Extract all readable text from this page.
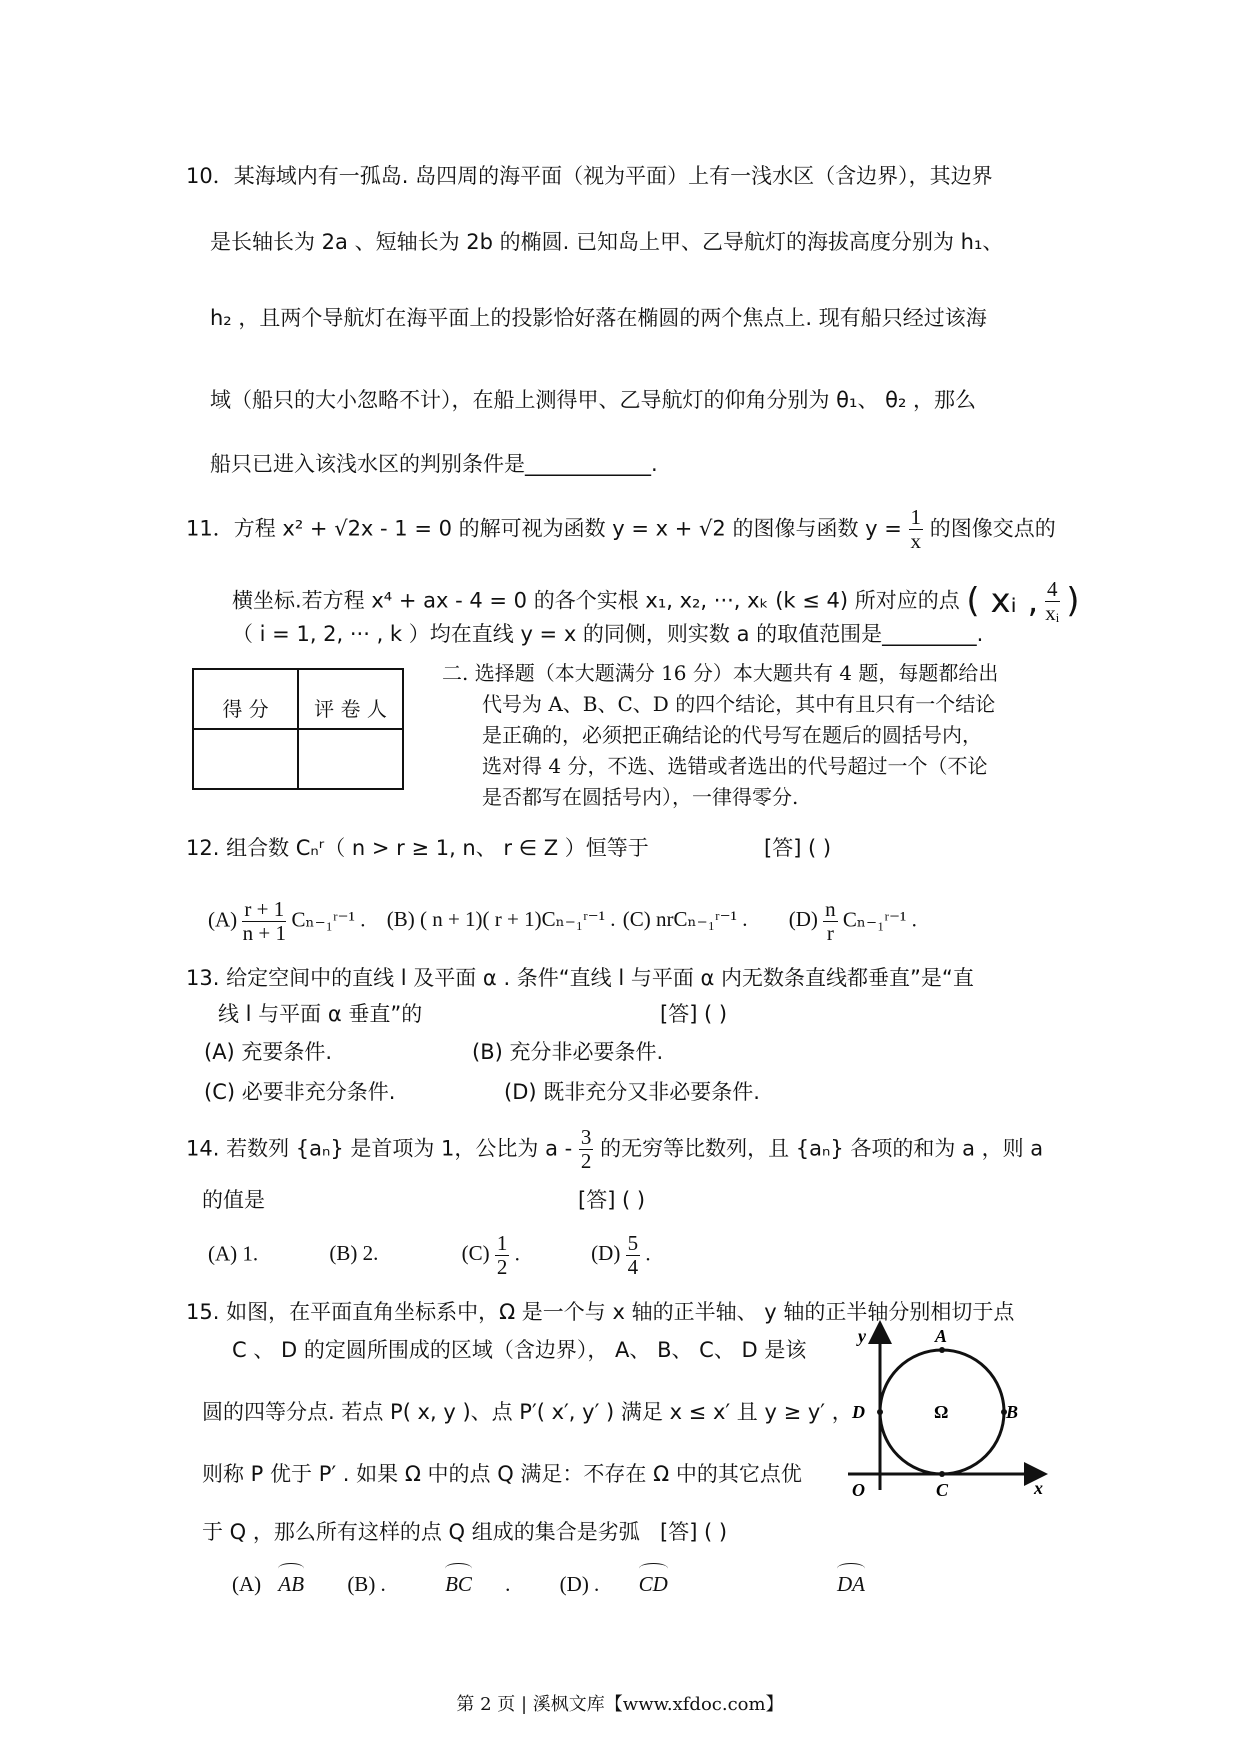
10．某海域内有一孤岛. 岛四周的海平面（视为平面）上有一浅水区（含边界），其边界
是长轴长为 2a 、短轴长为 2b 的椭圆. 已知岛上甲、乙导航灯的海拔高度分别为 h₁、
h₂ ，且两个导航灯在海平面上的投影恰好落在椭圆的两个焦点上. 现有船只经过该海
域（船只的大小忽略不计），在船上测得甲、乙导航灯的仰角分别为 θ₁、 θ₂ ，那么
船只已进入该浅水区的判别条件是____________.
11．方程 x² + √2x - 1 = 0 的解可视为函数 y = x + √2 的图像与函数 $y = \frac{1}{x}$ 的图像交点的
横坐标.若方程 x⁴ + ax - 4 = 0 的各个实根 x₁, x₂, ···, xₖ (k ≤ 4) 所对应的点 ( xᵢ , $\frac{4}{\text{xᵢ}}$ )
（ i = 1, 2, ··· , k ）均在直线 y = x 的同侧，则实数 a 的取值范围是_________.
得 分	评 卷 人

二. 选择题（本大题满分 16 分）本大题共有 4 题，每题都给出
代号为 A、B、C、D 的四个结论，其中有且只有一个结论
是正确的，必须把正确结论的代号写在题后的圆括号内，
选对得 4 分，不选、选错或者选出的代号超过一个（不论
是否都写在圆括号内），一律得零分.
12. 组合数 Cₙʳ（ n > r ≥ 1, n、 r ∈ Z ）恒等于	[答] ( )
$(A) \frac{r + 1}{n + 1}$ Cₙ₋₁ʳ⁻¹ . (B) ( n + 1)( r + 1)Cₙ₋₁ʳ⁻¹ . (C) nrCₙ₋₁ʳ⁻¹ . $(D) \frac{n}{r}$ Cₙ₋₁ʳ⁻¹ .
13. 给定空间中的直线 l 及平面 α . 条件“直线 l 与平面 α 内无数条直线都垂直”是“直
线 l 与平面 α 垂直”的	[答] ( )
(A) 充要条件.	(B) 充分非必要条件.
(C) 必要非充分条件.	(D) 既非充分又非必要条件.
14. 若数列 {aₙ} 是首项为 1，公比为 a - $\frac{3}{2}$ 的无穷等比数列，且 {aₙ} 各项的和为 a ，则 a
的值是	[答] ( )
(A) 1.	(B) 2.	$(C) \frac{1}{2}$ .	$(D) \frac{5}{4}$ .
15. 如图，在平面直角坐标系中，Ω 是一个与 x 轴的正半轴、 y 轴的正半轴分别相切于点
C 、 D 的定圆所围成的区域（含边界）， A、 B、 C、 D 是该
圆的四等分点. 若点 P( x, y )、点 P′( x′, y′ ) 满足 x ≤ x′ 且 y ≥ y′ ，
则称 P 优于 P′ . 如果 Ω 中的点 Q 满足：不存在 Ω 中的其它点优
于 Q ，那么所有这样的点 Q 组成的集合是劣弧 [答] ( )
(A) AB (B) .	BC . (D) . CD	DA
y
x
O
A
B
C
D	Ω
第 2 页 | 溪枫文库【www.xfdoc.com】
